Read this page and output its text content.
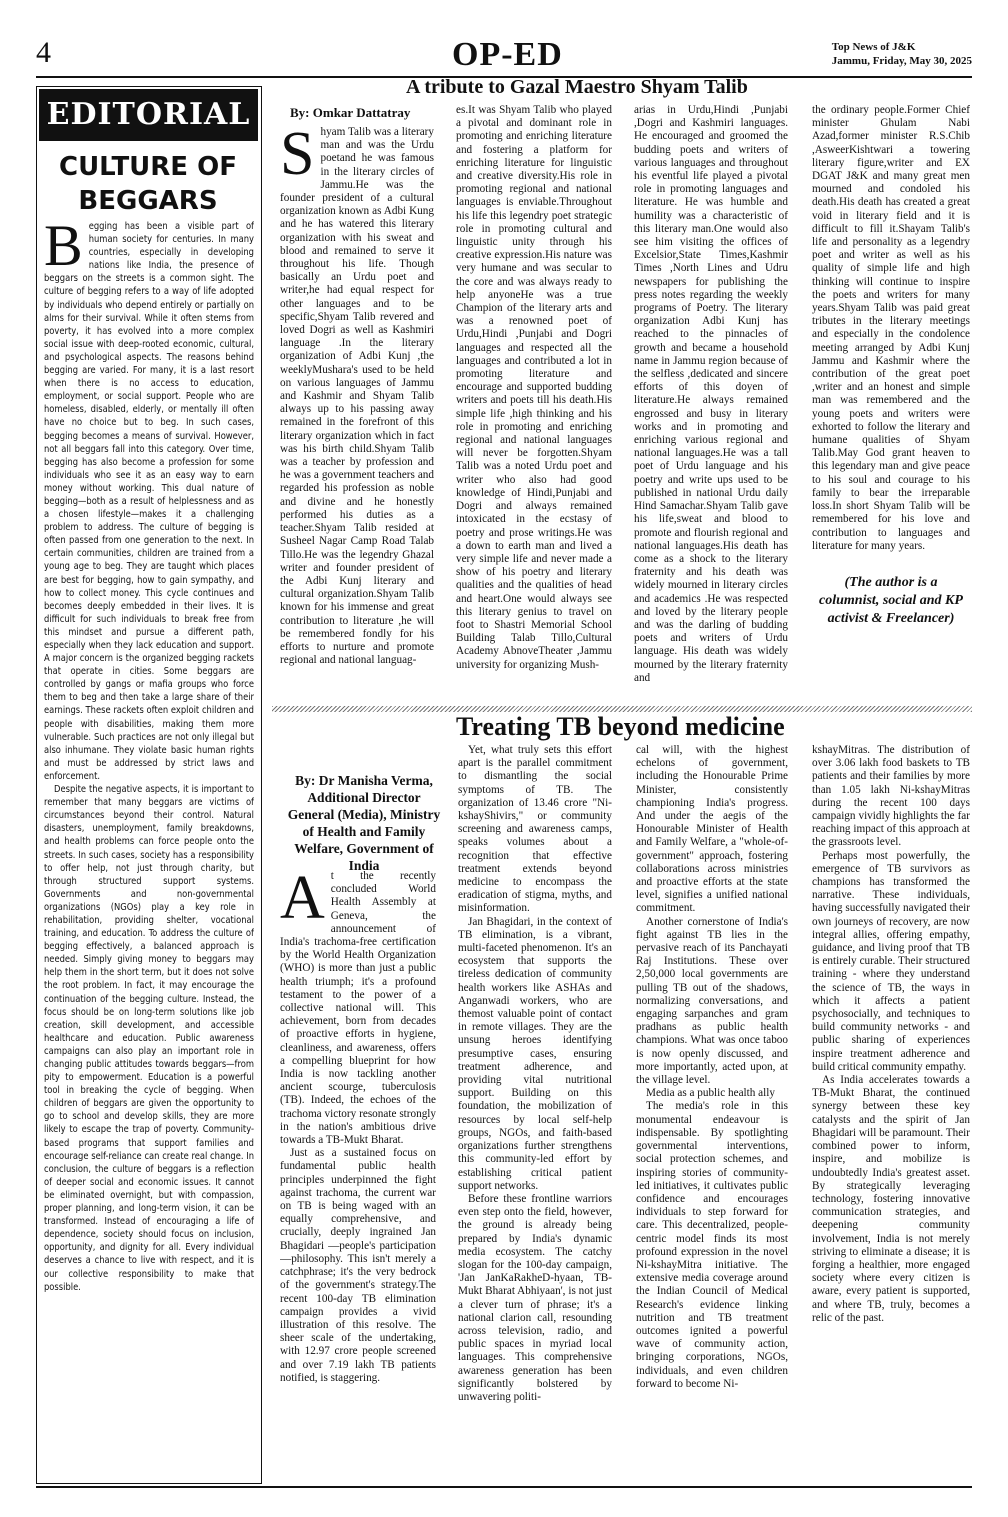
4	OP-ED	Top News of J&K
Jammu, Friday, May 30, 2025
EDITORIAL
CULTURE OF BEGGARS
B egging has been a visible part of human society for centuries. In many countries, especially in developing nations like India, the presence of beggars on the streets is a common sight. The culture of begging refers to a way of life adopted by individuals who depend entirely or partially on alms for their survival. While it often stems from poverty, it has evolved into a more complex social issue with deep-rooted economic, cultural, and psychological aspects. The reasons behind begging are varied. For many, it is a last resort when there is no access to education, employment, or social support. People who are homeless, disabled, elderly, or mentally ill often have no choice but to beg. In such cases, begging becomes a means of survival. However, not all beggars fall into this category. Over time, begging has also become a profession for some individuals who see it as an easy way to earn money without working. This dual nature of begging—both as a result of helplessness and as a chosen lifestyle—makes it a challenging problem to address. The culture of begging is often passed from one generation to the next. In certain communities, children are trained from a young age to beg. They are taught which places are best for begging, how to gain sympathy, and how to collect money. This cycle continues and becomes deeply embedded in their lives. It is difficult for such individuals to break free from this mindset and pursue a different path, especially when they lack education and support. A major concern is the organized begging rackets that operate in cities. Some beggars are controlled by gangs or mafia groups who force them to beg and then take a large share of their earnings. These rackets often exploit children and people with disabilities, making them more vulnerable. Such practices are not only illegal but also inhumane. They violate basic human rights and must be addressed by strict laws and enforcement.

Despite the negative aspects, it is important to remember that many beggars are victims of circumstances beyond their control. Natural disasters, unemployment, family breakdowns, and health problems can force people onto the streets. In such cases, society has a responsibility to offer help, not just through charity, but through structured support systems. Governments and non-governmental organizations (NGOs) play a key role in rehabilitation, providing shelter, vocational training, and education. To address the culture of begging effectively, a balanced approach is needed. Simply giving money to beggars may help them in the short term, but it does not solve the root problem. In fact, it may encourage the continuation of the begging culture. Instead, the focus should be on long-term solutions like job creation, skill development, and accessible healthcare and education. Public awareness campaigns can also play an important role in changing public attitudes towards beggars—from pity to empowerment. Education is a powerful tool in breaking the cycle of begging. When children of beggars are given the opportunity to go to school and develop skills, they are more likely to escape the trap of poverty. Community-based programs that support families and encourage self-reliance can create real change. In conclusion, the culture of beggars is a reflection of deeper social and economic issues. It cannot be eliminated overnight, but with compassion, proper planning, and long-term vision, it can be transformed. Instead of encouraging a life of dependence, society should focus on inclusion, opportunity, and dignity for all. Every individual deserves a chance to live with respect, and it is our collective responsibility to make that possible.

A tribute to Gazal Maestro Shyam Talib
By: Omkar Dattatray
S hyam Talib was a literary man and was the Urdu poetand he was famous in the literary circles of Jammu.He was the founder president of a cultural organization known as Adbi Kung and he has watered this literary organization with his sweat and blood and remained to serve it throughout his life. Though basically an Urdu poet and writer,he had equal respect for other languages and to be specific,Shyam Talib revered and loved Dogri as well as Kashmiri language .In the literary organization of Adbi Kunj ,the weeklyMushara's used to be held on various languages of Jammu and Kashmir and Shyam Talib always up to his passing away remained in the forefront of this literary organization which in fact was his birth child.Shyam Talib was a teacher by profession and he was a government teachers and regarded his profession as noble and divine and he honestly performed his duties as a teacher.Shyam Talib resided at Susheel Nagar Camp Road Talab Tillo.He was the legendry Ghazal writer and founder president of the Adbi Kunj literary and cultural organization.Shyam Talib known for his immense and great contribution to literature ,he will be remembered fondly for his efforts to nurture and promote regional and national languag-

es.It was Shyam Talib who played a pivotal and dominant role in promoting and enriching literature and fostering a platform for enriching literature for linguistic and creative diversity.His role in promoting regional and national languages is enviable.Throughout his life this legendry poet strategic role in promoting cultural and linguistic unity through his creative expression.His nature was very humane and was secular to the core and was always ready to help anyoneHe was a true Champion of the literary arts and was a renowned poet of Urdu,Hindi ,Punjabi and Dogri languages and respected all the languages and contributed a lot in promoting literature and encourage and supported budding writers and poets till his death.His simple life ,high thinking and his role in promoting and enriching regional and national languages will never be forgotten.Shyam Talib was a noted Urdu poet and writer who also had good knowledge of Hindi,Punjabi and Dogri and always remained intoxicated in the ecstasy of poetry and prose writings.He was a down to earth man and lived a very simple life and never made a show of his poetry and literary qualities and the qualities of head and heart.One would always see this literary genius to travel on foot to Shastri Memorial School Building Talab Tillo,Cultural Academy AbnoveTheater ,Jammu university for organizing Mush-

arias in Urdu,Hindi ,Punjabi ,Dogri and Kashmiri languages. He encouraged and groomed the budding poets and writers of various languages and throughout his eventful life played a pivotal role in promoting languages and literature. He was humble and humility was a characteristic of this literary man.One would also see him visiting the offices of Excelsior,State Times,Kashmir Times ,North Lines and Udru newspapers for publishing the press notes regarding the weekly programs of Poetry. The literary organization Adbi Kunj has reached to the pinnacles of growth and became a household name in Jammu region because of the selfless ,dedicated and sincere efforts of this doyen of literature.He always remained engrossed and busy in literary works and in promoting and enriching various regional and national languages.He was a tall poet of Urdu language and his poetry and write ups used to be published in national Urdu daily Hind Samachar.Shyam Talib gave his life,sweat and blood to promote and flourish regional and national languages.His death has come as a shock to the literary fraternity and his death was widely mourned in literary circles and academics .He was respected and loved by the literary people and was the darling of budding poets and writers of Urdu language. His death was widely mourned by the literary fraternity and

the ordinary people.Former Chief minister Ghulam Nabi Azad,former minister R.S.Chib ,AsweerKishtwari a towering literary figure,writer and EX DGAT J&K and many great men mourned and condoled his death.His death has created a great void in literary field and it is difficult to fill it.Shayam Talib's life and personality as a legendry poet and writer as well as his quality of simple life and high thinking will continue to inspire the poets and writers for many years.Shyam Talib was paid great tributes in the literary meetings and especially in the condolence meeting arranged by Adbi Kunj Jammu and Kashmir where the contribution of the great poet ,writer and an honest and simple man was remembered and the young poets and writers were exhorted to follow the literary and humane qualities of Shyam Talib.May God grant heaven to this legendary man and give peace to his soul and courage to his family to bear the irreparable loss.In short Shyam Talib will be remembered for his love and contribution to languages and literature for many years.

(The author is a columnist, social and KP activist & Freelancer)
Treating TB beyond medicine
By: Dr Manisha Verma, Additional Director General (Media), Ministry of Health and Family Welfare, Government of India
A t the recently concluded World Health Assembly at Geneva, the announcement of India's trachoma-free certification by the World Health Organization (WHO) is more than just a public health triumph; it's a profound testament to the power of a collective national will. This achievement, born from decades of proactive efforts in hygiene, cleanliness, and awareness, offers a compelling blueprint for how India is now tackling another ancient scourge, tuberculosis (TB). Indeed, the echoes of the trachoma victory resonate strongly in the nation's ambitious drive towards a TB-Mukt Bharat.

Just as a sustained focus on fundamental public health principles underpinned the fight against trachoma, the current war on TB is being waged with an equally comprehensive, and crucially, deeply ingrained Jan Bhagidari —people's participation—philosophy. This isn't merely a catchphrase; it's the very bedrock of the government's strategy.The recent 100-day TB elimination campaign provides a vivid illustration of this resolve. The sheer scale of the undertaking, with 12.97 crore people screened and over 7.19 lakh TB patients notified, is staggering.

Yet, what truly sets this effort apart is the parallel commitment to dismantling the social symptoms of TB. The organization of 13.46 crore "Ni-kshayShivirs," or community screening and awareness camps, speaks volumes about a recognition that effective treatment extends beyond medicine to encompass the eradication of stigma, myths, and misinformation.

Jan Bhagidari, in the context of TB elimination, is a vibrant, multi-faceted phenomenon. It's an ecosystem that supports the tireless dedication of community health workers like ASHAs and Anganwadi workers, who are themost valuable point of contact in remote villages. They are the unsung heroes identifying presumptive cases, ensuring treatment adherence, and providing vital nutritional support. Building on this foundation, the mobilization of resources by local self-help groups, NGOs, and faith-based organizations further strengthens this community-led effort by establishing critical patient support networks.

Before these frontline warriors even step onto the field, however, the ground is already being prepared by India's dynamic media ecosystem. The catchy slogan for the 100-day campaign, 'Jan JanKaRakheD-hyaan, TB-Mukt Bharat Abhiyaan', is not just a clever turn of phrase; it's a national clarion call, resounding across television, radio, and public spaces in myriad local languages. This comprehensive awareness generation has been significantly bolstered by unwavering politi-

cal will, with the highest echelons of government, including the Honourable Prime Minister, consistently championing India's progress. And under the aegis of the Honourable Minister of Health and Family Welfare, a "whole-of-government" approach, fostering collaborations across ministries and proactive efforts at the state level, signifies a unified national commitment.

Another cornerstone of India's fight against TB lies in the pervasive reach of its Panchayati Raj Institutions. These over 2,50,000 local governments are pulling TB out of the shadows, normalizing conversations, and engaging sarpanches and gram pradhans as public health champions. What was once taboo is now openly discussed, and more importantly, acted upon, at the village level.

Media as a public health ally

The media's role in this monumental endeavour is indispensable. By spotlighting governmental interventions, social protection schemes, and inspiring stories of community-led initiatives, it cultivates public confidence and encourages individuals to step forward for care. This decentralized, people-centric model finds its most profound expression in the novel Ni-kshayMitra initiative. The extensive media coverage around the Indian Council of Medical Research's evidence linking nutrition and TB treatment outcomes ignited a powerful wave of community action, bringing corporations, NGOs, individuals, and even children forward to become Ni-

kshayMitras. The distribution of over 3.06 lakh food baskets to TB patients and their families by more than 1.05 lakh Ni-kshayMitras during the recent 100 days campaign vividly highlights the far reaching impact of this approach at the grassroots level.

Perhaps most powerfully, the emergence of TB survivors as champions has transformed the narrative. These individuals, having successfully navigated their own journeys of recovery, are now integral allies, offering empathy, guidance, and living proof that TB is entirely curable. Their structured training - where they understand the science of TB, the ways in which it affects a patient psychosocially, and techniques to build community networks - and public sharing of experiences inspire treatment adherence and build critical community empathy.

As India accelerates towards a TB-Mukt Bharat, the continued synergy between these key catalysts and the spirit of Jan Bhagidari will be paramount. Their combined power to inform, inspire, and mobilize is undoubtedly India's greatest asset. By strategically leveraging technology, fostering innovative communication strategies, and deepening community involvement, India is not merely striving to eliminate a disease; it is forging a healthier, more engaged society where every citizen is aware, every patient is supported, and where TB, truly, becomes a relic of the past.
